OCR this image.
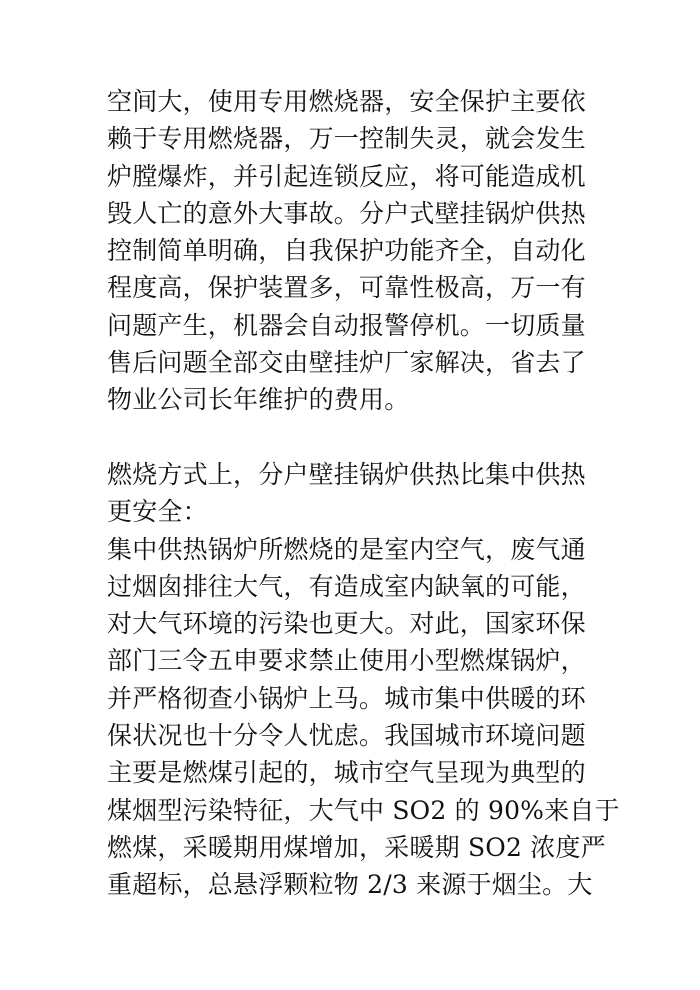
空间大，使用专用燃烧器，安全保护主要依
赖于专用燃烧器，万一控制失灵，就会发生
炉膛爆炸，并引起连锁反应，将可能造成机
毁人亡的意外大事故。分户式壁挂锅炉供热
控制简单明确，自我保护功能齐全，自动化
程度高，保护装置多，可靠性极高，万一有
问题产生，机器会自动报警停机。一切质量
售后问题全部交由壁挂炉厂家解决，省去了
物业公司长年维护的费用。
燃烧方式上，分户壁挂锅炉供热比集中供热
更安全：
集中供热锅炉所燃烧的是室内空气，废气通
过烟囱排往大气，有造成室内缺氧的可能，
对大气环境的污染也更大。对此，国家环保
部门三令五申要求禁止使用小型燃煤锅炉，
并严格彻查小锅炉上马。城市集中供暖的环
保状况也十分令人忧虑。我国城市环境问题
主要是燃煤引起的，城市空气呈现为典型的
煤烟型污染特征，大气中 SO2 的 90%来自于
燃煤，采暖期用煤增加，采暖期 SO2 浓度严
重超标，总悬浮颗粒物 2/3 来源于烟尘。大
